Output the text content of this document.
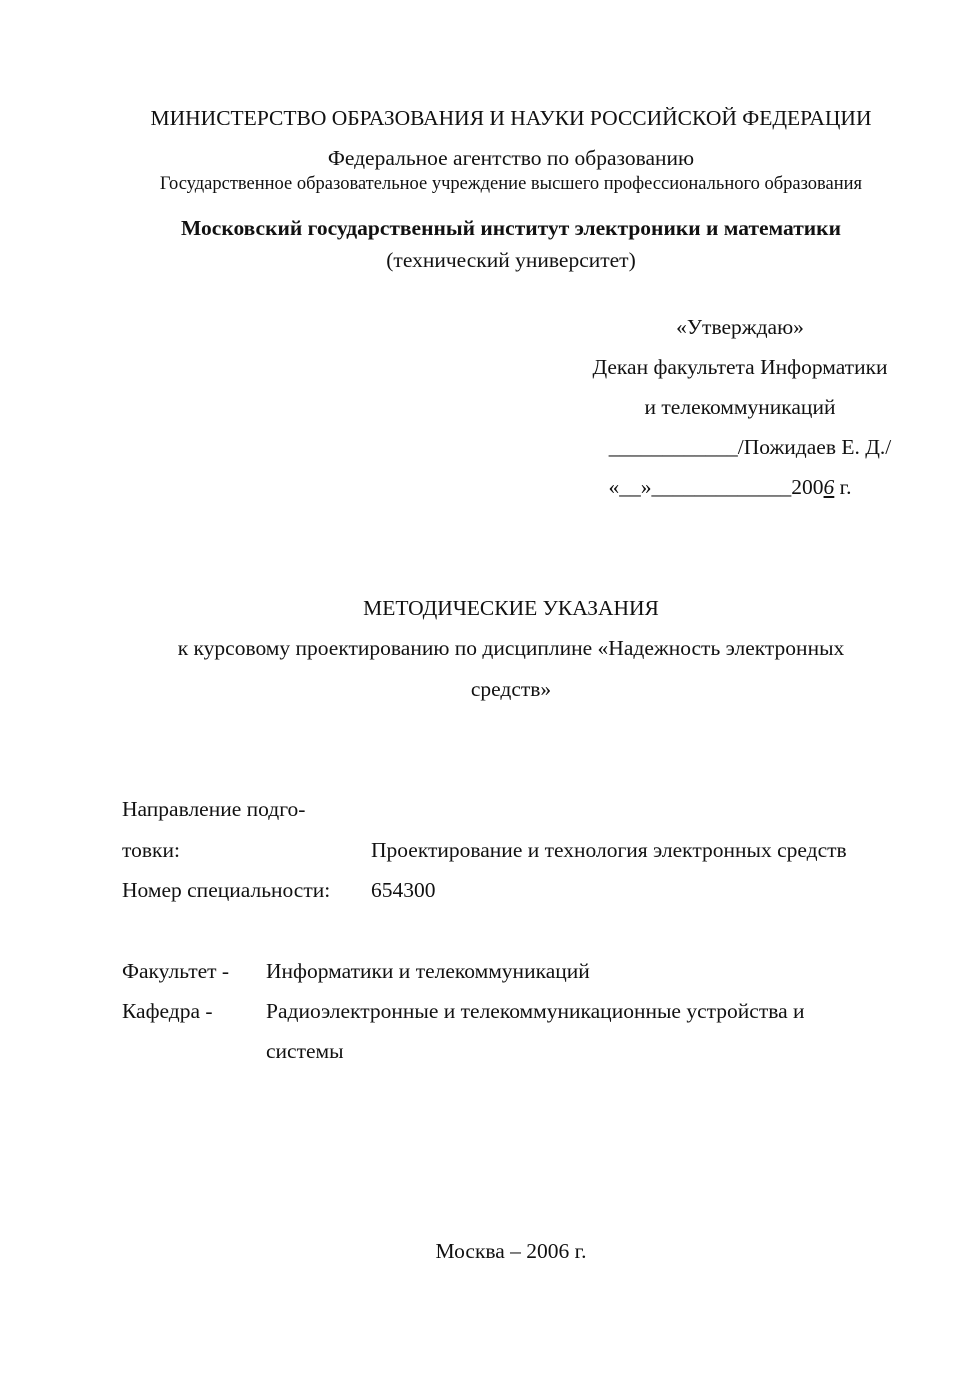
МИНИСТЕРСТВО ОБРАЗОВАНИЯ И НАУКИ РОССИЙСКОЙ ФЕДЕРАЦИИ
Федеральное агентство по образованию
Государственное образовательное учреждение высшего профессионального образования
Московский государственный институт электроники и математики
(технический университет)
«Утверждаю»
Декан факультета Информатики
и телекоммуникаций
____________/Пожидаев Е. Д./
«__»_____________2006 г.
МЕТОДИЧЕСКИЕ УКАЗАНИЯ
к курсовому проектированию по дисциплине «Надежность электронных
средств»
Направление подго-
товки:	Проектирование и технология электронных средств
Номер специальности: 654300
Факультет - Информатики и телекоммуникаций
Кафедра - Радиоэлектронные и телекоммуникационные устройства и
системы
Москва – 2006 г.
